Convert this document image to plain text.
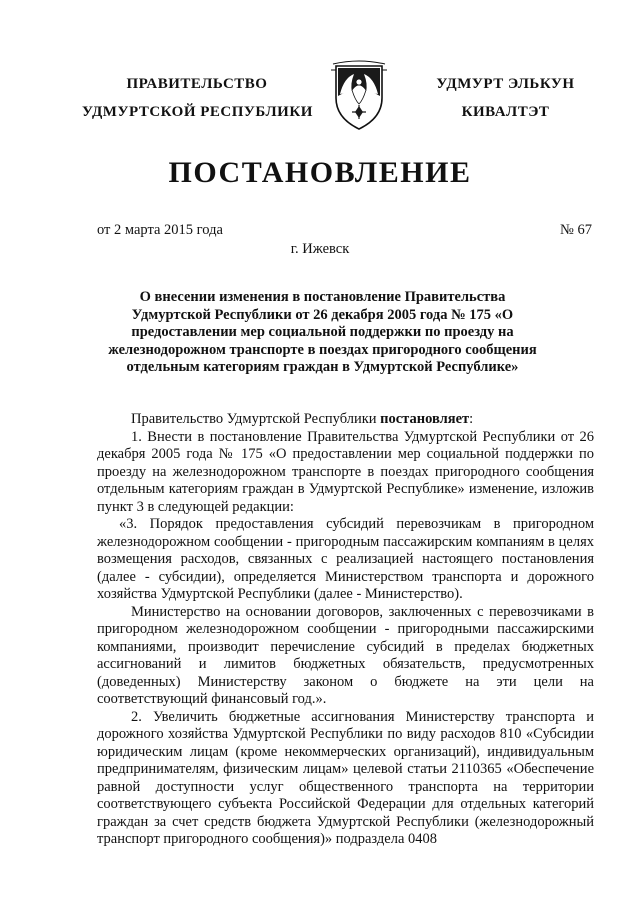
ПРАВИТЕЛЬСТВО
УДМУРТСКОЙ РЕСПУБЛИКИ
УДМУРТ ЭЛЬКУН
КИВАЛТЭТ
ПОСТАНОВЛЕНИЕ
от 2 марта 2015 года	№ 67
г. Ижевск
О внесении изменения в постановление Правительства Удмуртской Республики от 26 декабря 2005 года № 175 «О предоставлении мер социальной поддержки по проезду на железнодорожном транспорте в поездах пригородного сообщения отдельным категориям граждан в Удмуртской Республике»

Правительство Удмуртской Республики постановляет:

1. Внести в постановление Правительства Удмуртской Республики от 26 декабря 2005 года № 175 «О предоставлении мер социальной поддержки по проезду на железнодорожном транспорте в поездах пригородного сообщения отдельным категориям граждан в Удмуртской Республике» изменение, изложив пункт 3 в следующей редакции:

«3. Порядок предоставления субсидий перевозчикам в пригородном железнодорожном сообщении - пригородным пассажирским компаниям в целях возмещения расходов, связанных с реализацией настоящего постановления (далее - субсидии), определяется Министерством транспорта и дорожного хозяйства Удмуртской Республики (далее - Министерство).

Министерство на основании договоров, заключенных с перевозчиками в пригородном железнодорожном сообщении - пригородными пассажирскими компаниями, производит перечисление субсидий в пределах бюджетных ассигнований и лимитов бюджетных обязательств, предусмотренных (доведенных) Министерству законом о бюджете на эти цели на соответствующий финансовый год.».

2. Увеличить бюджетные ассигнования Министерству транспорта и дорожного хозяйства Удмуртской Республики по виду расходов 810 «Субсидии юридическим лицам (кроме некоммерческих организаций), индивидуальным предпринимателям, физическим лицам» целевой статьи 2110365 «Обеспечение равной доступности услуг общественного транспорта на территории соответствующего субъекта Российской Федерации для отдельных категорий граждан за счет средств бюджета Удмуртской Республики (железнодорожный транспорт пригородного сообщения)» подраздела 0408
